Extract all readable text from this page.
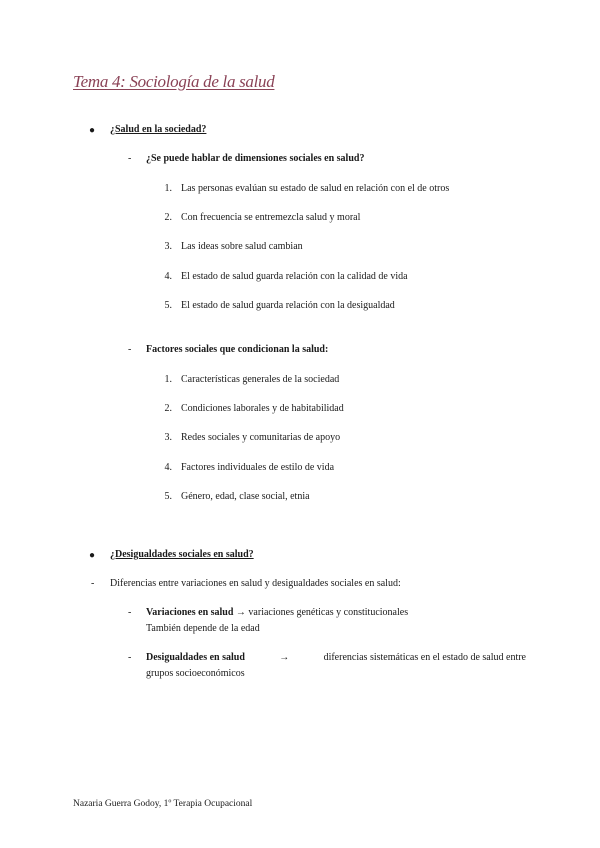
Tema 4: Sociología de la salud
● ¿Salud en la sociedad?
- ¿Se puede hablar de dimensiones sociales en salud?
1. Las personas evalúan su estado de salud en relación con el de otros
2. Con frecuencia se entremezcla salud y moral
3. Las ideas sobre salud cambian
4. El estado de salud guarda relación con la calidad de vida
5. El estado de salud guarda relación con la desigualdad
- Factores sociales que condicionan la salud:
1. Características generales de la sociedad
2. Condiciones laborales y de habitabilidad
3. Redes sociales y comunitarias de apoyo
4. Factores individuales de estilo de vida
5. Género, edad, clase social, etnia
● ¿Desigualdades sociales en salud?
- Diferencias entre variaciones en salud y desigualdades sociales en salud:
- Variaciones en salud → variaciones genéticas y constitucionales
También depende de la edad
- Desigualdades en salud	→	diferencias sistemáticas en el estado de salud entre
grupos socioeconómicos
Nazaria Guerra Godoy, 1º Terapia Ocupacional
